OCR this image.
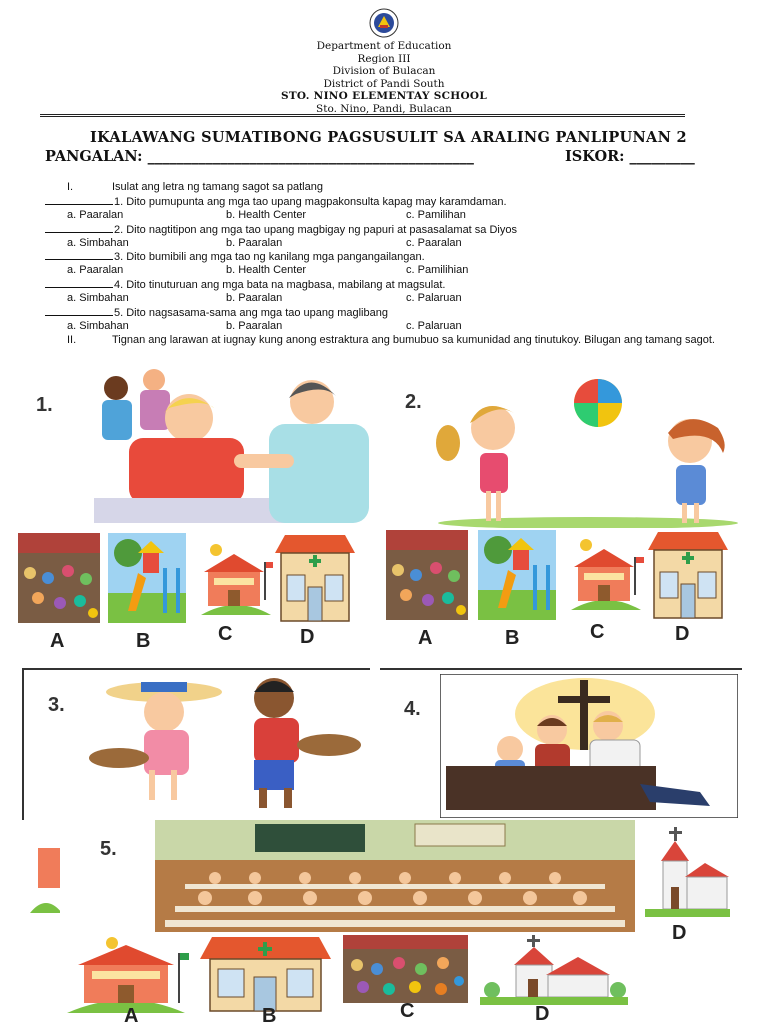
Department of Education
Region III
Division of Bulacan
District of Pandi South
STO. NINO ELEMENTAY SCHOOL
Sto. Nino, Pandi, Bulacan
IKALAWANG SUMATIBONG PAGSUSULIT SA ARALING PANLIPUNAN 2
PANGALAN: _____________________________________________	ISKOR: _________
I.	Isulat ang letra ng tamang sagot sa patlang
1. Dito pumupunta ang mga tao upang magpakonsulta kapag may karamdaman.
a. Paaralan	b. Health Center	c. Pamilihan
2. Dito nagtitipon ang mga tao upang magbigay ng papuri at pasasalamat sa Diyos
a. Simbahan	b. Paaralan	c. Paaralan
3. Dito bumibili ang mga tao ng kanilang mga pangangailangan.
a. Paaralan	b. Health Center	c. Pamilihian
4. Dito tinuturuan ang mga bata na magbasa, mabilang at magsulat.
a. Simbahan	b. Paaralan	c. Palaruan
5. Dito nagsasama-sama ang mga tao upang maglibang
a. Simbahan	b. Paaralan	c. Palaruan
II.	Tignan ang larawan at iugnay kung anong estraktura ang bumubuo sa kumunidad ang tinutukoy. Bilugan ang tamang sagot.
1.
A	B	C	D
2.
A	B	C	D
3.	4.
5.
D
A	B	C	D
